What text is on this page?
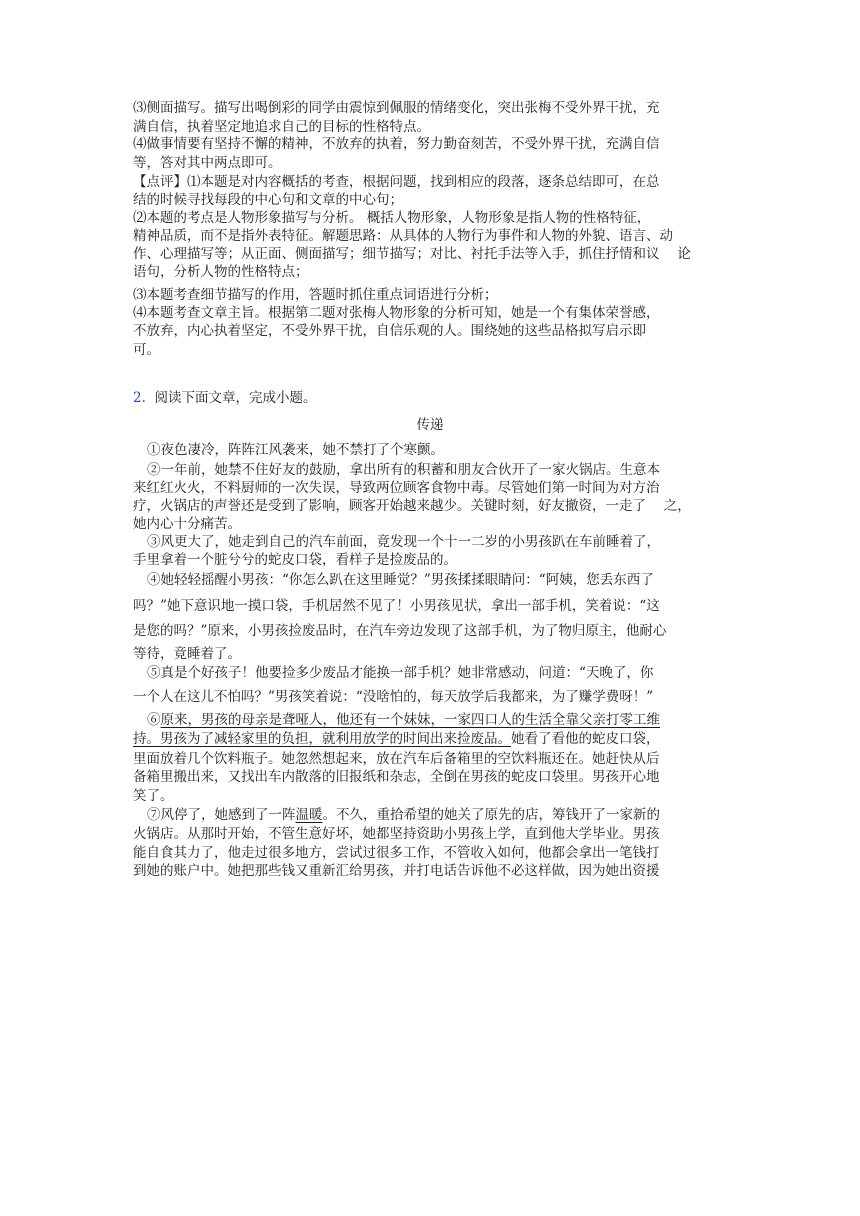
⑶侧面描写。描写出喝倒彩的同学由震惊到佩服的情绪变化，突出张梅不受外界干扰，充
满自信，执着坚定地追求自己的目标的性格特点。
⑷做事情要有坚持不懈的精神，不放弃的执着，努力勤奋刻苦，不受外界干扰，充满自信
等，答对其中两点即可。
【点评】⑴本题是对内容概括的考查，根据问题，找到相应的段落，逐条总结即可，在总
结的时候寻找每段的中心句和文章的中心句；
⑵本题的考点是人物形象描写与分析。 概括人物形象，人物形象是指人物的性格特征，
精神品质，而不是指外表特征。解题思路：从具体的人物行为事件和人物的外貌、语言、动
作、心理描写等；从正面、侧面描写；细节描写；对比、衬托手法等入手，抓住抒情和议　 论
语句，分析人物的性格特点；
⑶本题考查细节描写的作用，答题时抓住重点词语进行分析；
⑷本题考查文章主旨。根据第二题对张梅人物形象的分析可知，她是一个有集体荣誉感，
不放弃，内心执着坚定，不受外界干扰，自信乐观的人。围绕她的这些品格拟写启示即
可。
2. 阅读下面文章，完成小题。
传递
①夜色凄冷，阵阵江风袭来，她不禁打了个寒颤。
②一年前，她禁不住好友的鼓励，拿出所有的积蓄和朋友合伙开了一家火锅店。生意本
来红红火火，不料厨师的一次失误，导致两位顾客食物中毒。尽管她们第一时间为对方治
疗，火锅店的声誉还是受到了影响，顾客开始越来越少。关键时刻，好友撤资，一走了　 之，
她内心十分痛苦。
③风更大了，她走到自己的汽车前面，竟发现一个十一二岁的小男孩趴在车前睡着了，
手里拿着一个脏兮兮的蛇皮口袋，看样子是捡废品的。
④她轻轻摇醒小男孩：“你怎么趴在这里睡觉？”男孩揉揉眼睛问：“阿姨，您丢东西了
吗？”她下意识地一摸口袋，手机居然不见了！小男孩见状，拿出一部手机，笑着说：“这
是您的吗？”原来，小男孩捡废品时，在汽车旁边发现了这部手机，为了物归原主，他耐心
等待，竟睡着了。
⑤真是个好孩子！他要捡多少废品才能换一部手机？她非常感动，问道：“天晚了，你
一个人在这儿不怕吗？”男孩笑着说：“没啥怕的，每天放学后我都来，为了赚学费呀！”
⑥原来，男孩的母亲是聋哑人，他还有一个妹妹，一家四口人的生活全靠父亲打零工维
持。男孩为了减轻家里的负担，就利用放学的时间出来捡废品。她看了看他的蛇皮口袋，
里面放着几个饮料瓶子。她忽然想起来，放在汽车后备箱里的空饮料瓶还在。她赶快从后
备箱里搬出来，又找出车内散落的旧报纸和杂志，全倒在男孩的蛇皮口袋里。男孩开心地
笑了。
⑦风停了，她感到了一阵温暖。不久，重拾希望的她关了原先的店，筹钱开了一家新的
火锅店。从那时开始，不管生意好坏，她都坚持资助小男孩上学，直到他大学毕业。男孩
能自食其力了，他走过很多地方，尝试过很多工作，不管收入如何，他都会拿出一笔钱打
到她的账户中。她把那些钱又重新汇给男孩，并打电话告诉他不必这样做，因为她出资援
